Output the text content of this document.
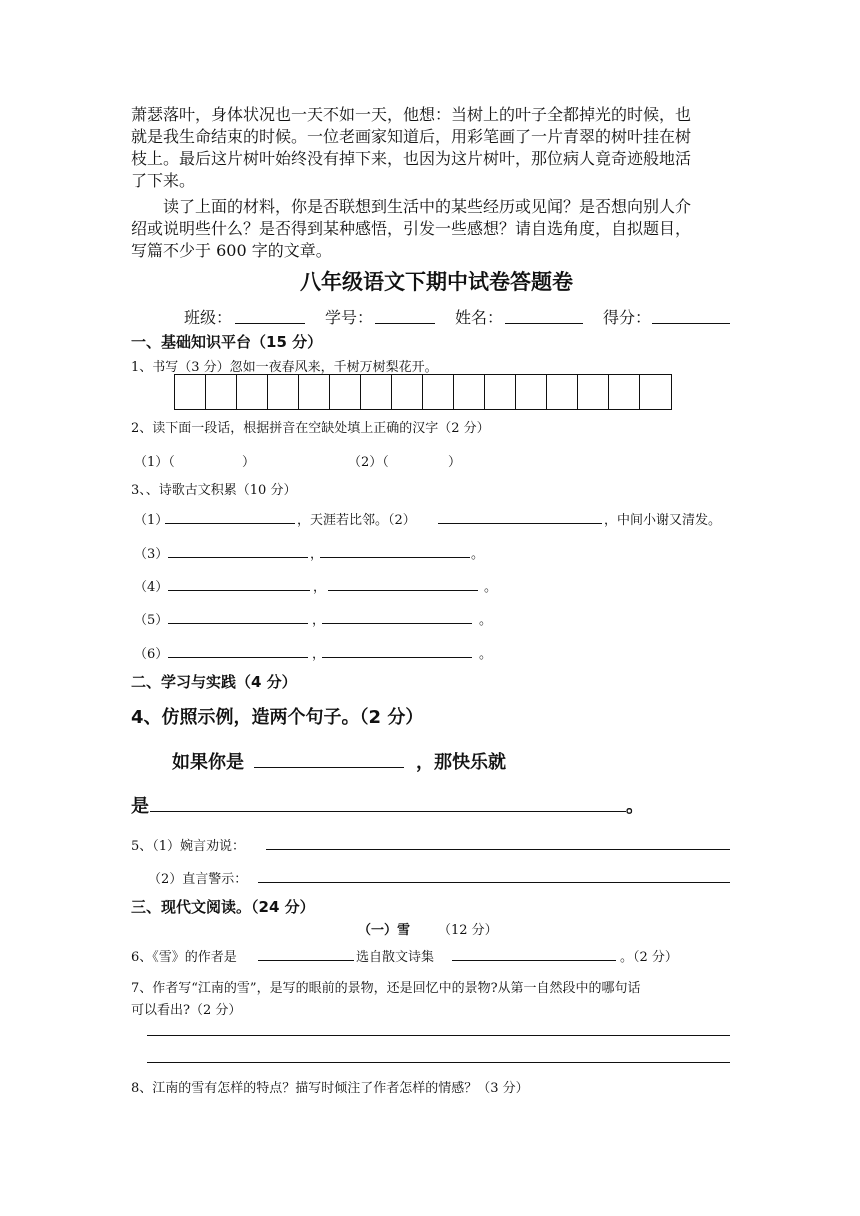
萧瑟落叶，身体状况也一天不如一天，他想：当树上的叶子全都掉光的时候，也
就是我生命结束的时候。一位老画家知道后，用彩笔画了一片青翠的树叶挂在树
枝上。最后这片树叶始终没有掉下来，也因为这片树叶，那位病人竟奇迹般地活
了下来。
读了上面的材料，你是否联想到生活中的某些经历或见闻？是否想向别人介
绍或说明些什么？是否得到某种感悟，引发一些感想？请自选角度，自拟题目，
写篇不少于 600 字的文章。
八年级语文下期中试卷答题卷
班级：	学号：	姓名：	得分：
一、基础知识平台（15 分）
1、书写（3 分）忽如一夜春风来，千树万树梨花开。
2、读下面一段话，根据拼音在空缺处填上正确的汉字（2 分）
（1）（	）	（2）（	）
3、、诗歌古文积累（10 分）
（1）	，天涯若比邻。（2）	，中间小谢又清发。
（3）	，	。
（4）	，	。
（5）	，	。
（6）	，	。
二、学习与实践（4 分）
4、仿照示例，造两个句子。（2 分）
如果你是	，那快乐就
是	。
5、（1）婉言劝说：
（2）直言警示：
三、现代文阅读。（24 分）
（一）雪 （12 分）
6、《雪》的作者是	选自散文诗集	。（2 分）
7、作者写“江南的雪”，是写的眼前的景物，还是回忆中的景物?从第一自然段中的哪句话
可以看出?（2 分）
8、江南的雪有怎样的特点？描写时倾注了作者怎样的情感？（3 分）
